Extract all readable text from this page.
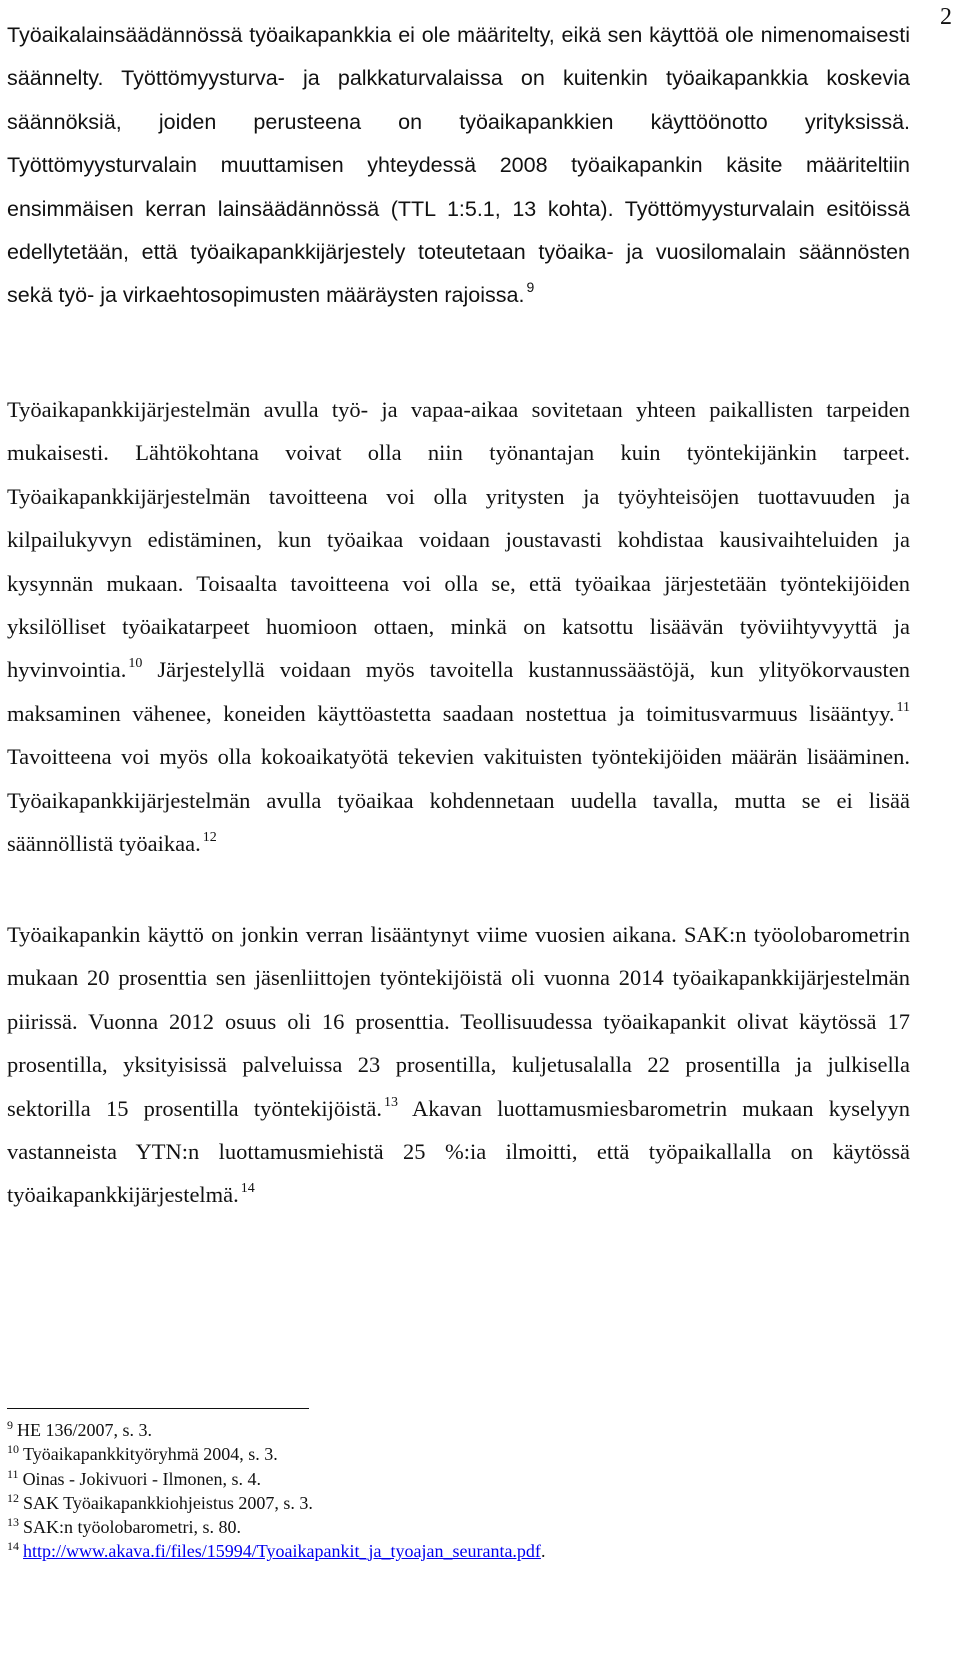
2

Työaikalainsäädännössä työaikapankkia ei ole määritelty, eikä sen käyttöä ole nimenomaisesti säännelty. Työttömyysturva- ja palkkaturvalaissa on kuitenkin työaikapankkia koskevia säännöksiä, joiden perusteena on työaikapankkien käyttöönotto yrityksissä. Työttömyysturvalain muuttamisen yhteydessä 2008 työaikapankin käsite määriteltiin ensimmäisen kerran lainsäädännössä (TTL 1:5.1, 13 kohta). Työttömyysturvalain esitöissä edellytetään, että työaikapankkijärjestely toteutetaan työaika- ja vuosilomalain säännösten sekä työ- ja virkaehtosopimusten määräysten rajoissa. $^9$

Työaikapankkijärjestelmän avulla työ- ja vapaa-aikaa sovitetaan yhteen paikallisten tarpeiden mukaisesti. Lähtökohtana voivat olla niin työnantajan kuin työntekijänkin tarpeet. Työaikapankkijärjestelmän tavoitteena voi olla yritysten ja työyhteisöjen tuottavuuden ja kilpailukyvyn edistäminen, kun työaikaa voidaan joustavasti kohdistaa kausivaihteluiden ja kysynnän mukaan. Toisaalta tavoitteena voi olla se, että työaikaa järjestetään työntekijöiden yksilölliset työaikatarpeet huomioon ottaen, minkä on katsottu lisäävän työviihtyvyyttä ja hyvinvointia. $^{10}$ Järjestelyllä voidaan myös tavoitella kustannussäästöjä, kun ylityökorvausten maksaminen vähenee, koneiden käyttöastetta saadaan nostettua ja toimitusvarmuus lisääntyy. $^{11}$ Tavoitteena voi myös olla kokoaikatyötä tekevien vakituisten työntekijöiden määrän lisääminen. Työaikapankkijärjestelmän avulla työaikaa kohdennetaan uudella tavalla, mutta se ei lisää säännöllistä työaikaa. $^{12}$

Työaikapankin käyttö on jonkin verran lisääntynyt viime vuosien aikana. SAK:n työolobarometrin mukaan 20 prosenttia sen jäsenliittojen työntekijöistä oli vuonna 2014 työaikapankkijärjestelmän piirissä. Vuonna 2012 osuus oli 16 prosenttia. Teollisuudessa työaikapankit olivat käytössä 17 prosentilla, yksityisissä palveluissa 23 prosentilla, kuljetusalalla 22 prosentilla ja julkisella sektorilla 15 prosentilla työntekijöistä. $^{13}$ Akavan luottamusmiesbarometrin mukaan kyselyyn vastanneista YTN:n luottamusmiehistä 25 %:ia ilmoitti, että työpaikallalla on käytössä työaikapankkijärjestelmä. $^{14}$

$^9$ HE 136/2007, s. 3.
$^{10}$ Työaikapankkityöryhmä 2004, s. 3.
$^{11}$ Oinas - Jokivuori - Ilmonen, s. 4.
$^{12}$ SAK Työaikapankkiohjeistus 2007, s. 3.
$^{13}$ SAK:n työolobarometri, s. 80.
$^{14}$ http://www.akava.fi/files/15994/Tyoaikapankit_ja_tyoajan_seuranta.pdf.
